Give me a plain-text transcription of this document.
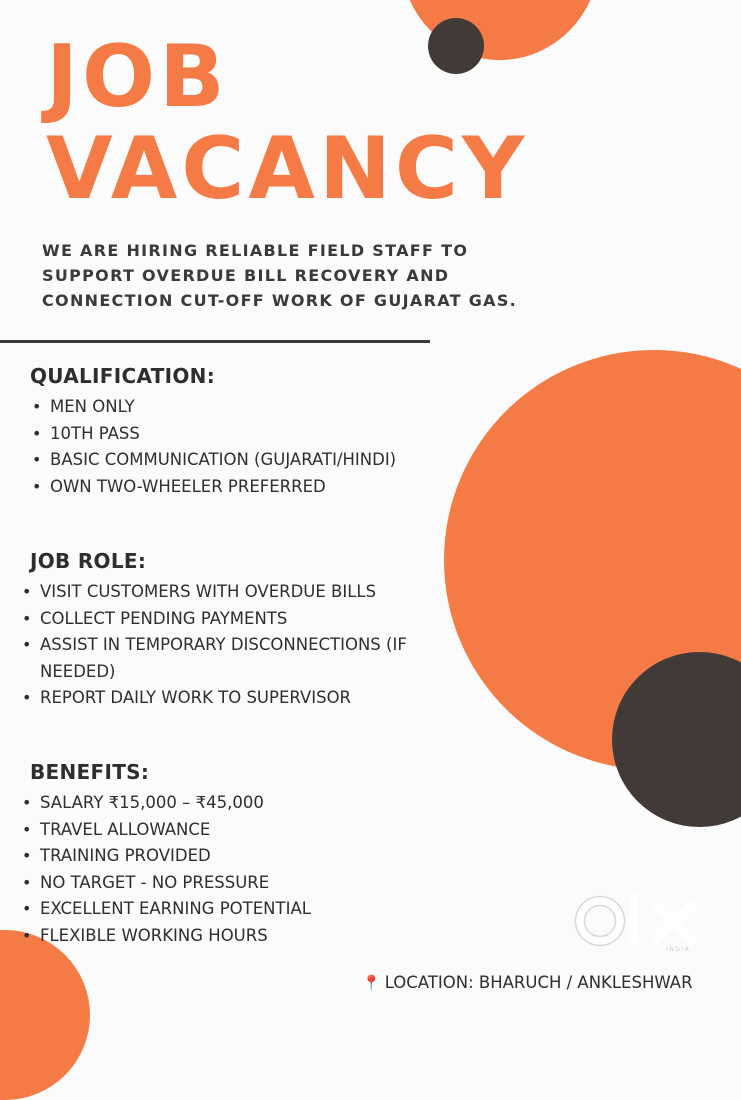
JOB
VACANCY

WE ARE HIRING RELIABLE FIELD STAFF TO SUPPORT OVERDUE BILL RECOVERY AND CONNECTION CUT-OFF WORK OF GUJARAT GAS.

QUALIFICATION:
• MEN ONLY
• 10TH PASS
• BASIC COMMUNICATION (GUJARATI/HINDI)
• OWN TWO-WHEELER PREFERRED
JOB ROLE:
• VISIT CUSTOMERS WITH OVERDUE BILLS
• COLLECT PENDING PAYMENTS
• ASSIST IN TEMPORARY DISCONNECTIONS (IF NEEDED)
• REPORT DAILY WORK TO SUPERVISOR
BENEFITS:
• SALARY ₹15,000 – ₹45,000
• TRAVEL ALLOWANCE
• TRAINING PROVIDED
• NO TARGET - NO PRESSURE
• EXCELLENT EARNING POTENTIAL
• FLEXIBLE WORKING HOURS
📍 LOCATION: BHARUCH / ANKLESHWAR
INDIA
